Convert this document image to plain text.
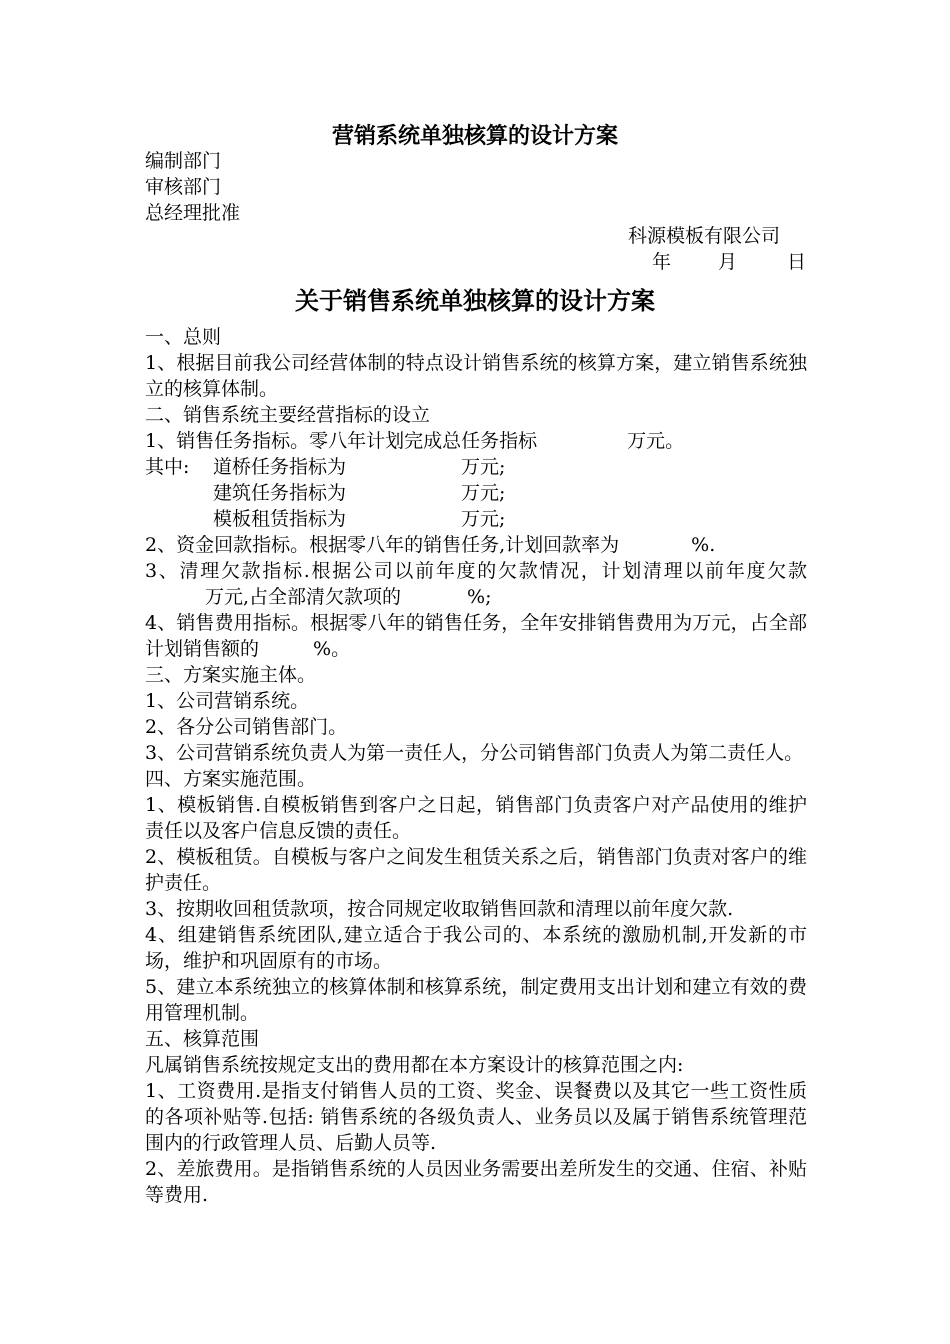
营销系统单独核算的设计方案
编制部门
审核部门
总经理批准
科源模板有限公司
年 月	日
关于销售系统单独核算的设计方案

一、总则

1、根据目前我公司经营体制的特点设计销售系统的核算方案，建立销售系统独立的核算体制。

二、销售系统主要经营指标的设立

1、销售任务指标。零八年计划完成总任务指标	万元。

其中: 道桥任务指标为	万元;
建筑任务指标为	万元;
模板租赁指标为	万元;

2、资金回款指标。根据零八年的销售任务,计划回款率为	%.

3、清理欠款指标.根据公司以前年度的欠款情况，计划清理以前年度欠款万元,占全部清欠款项的	%;

4、销售费用指标。根据零八年的销售任务，全年安排销售费用为万元，占全部计划销售额的	%。

三、方案实施主体。

1、公司营销系统。

2、各分公司销售部门。

3、公司营销系统负责人为第一责任人，分公司销售部门负责人为第二责任人。

四、方案实施范围。

1、模板销售.自模板销售到客户之日起，销售部门负责客户对产品使用的维护责任以及客户信息反馈的责任。

2、模板租赁。自模板与客户之间发生租赁关系之后，销售部门负责对客户的维护责任。

3、按期收回租赁款项，按合同规定收取销售回款和清理以前年度欠款.

4、组建销售系统团队,建立适合于我公司的、本系统的激励机制,开发新的市场，维护和巩固原有的市场。

5、建立本系统独立的核算体制和核算系统，制定费用支出计划和建立有效的费用管理机制。

五、核算范围

凡属销售系统按规定支出的费用都在本方案设计的核算范围之内:

1、工资费用.是指支付销售人员的工资、奖金、误餐费以及其它一些工资性质的各项补贴等.包括: 销售系统的各级负责人、业务员以及属于销售系统管理范围内的行政管理人员、后勤人员等.

2、差旅费用。是指销售系统的人员因业务需要出差所发生的交通、住宿、补贴等费用.
